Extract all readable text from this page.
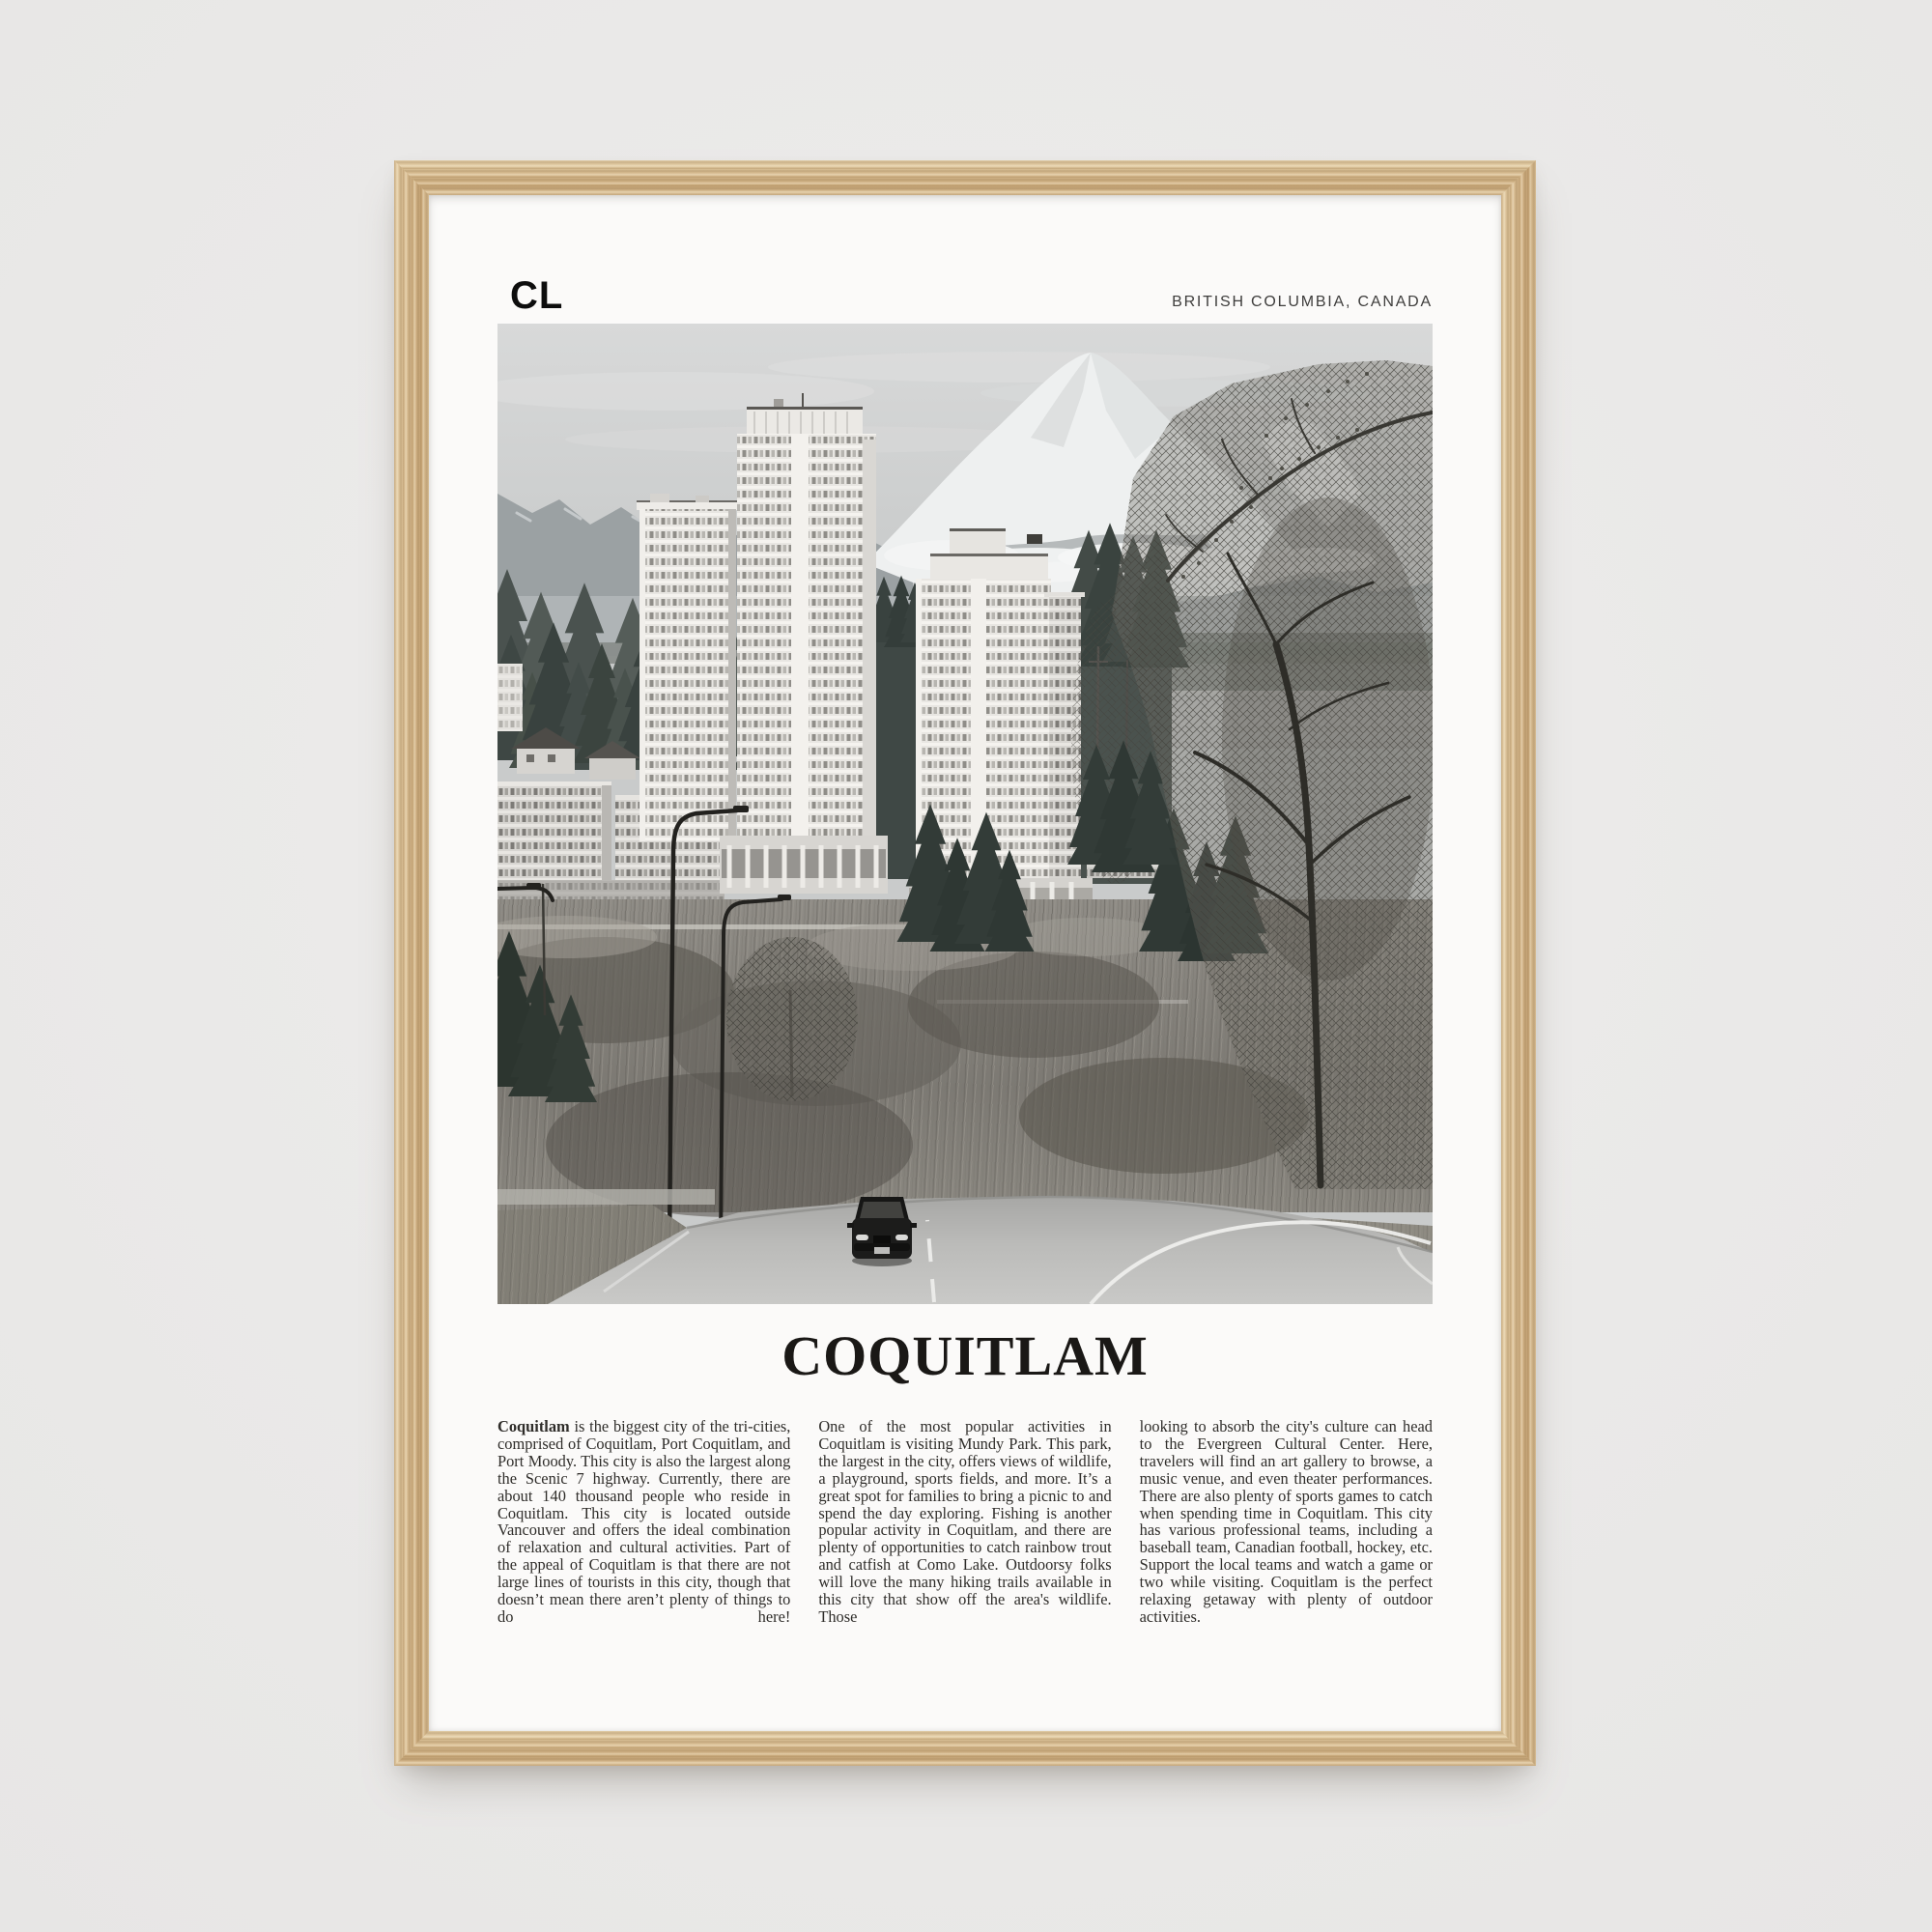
CL	BRITISH COLUMBIA, CANADA
COQUITLAM

Coquitlam is the biggest city of the tri-cities, comprised of Coquitlam, Port Coquitlam, and Port Moody. This city is also the largest along the Scenic 7 highway. Currently, there are about 140 thousand people who reside in Coquitlam. This city is located outside Vancouver and offers the ideal combination of relaxation and cultural activities. Part of the appeal of Coquitlam is that there are not large lines of tourists in this city, though that doesn’t mean there aren’t plenty of things to do here!

One of the most popular activities in Coquitlam is visiting Mundy Park. This park, the largest in the city, offers views of wildlife, a playground, sports fields, and more. It’s a great spot for families to bring a picnic to and spend the day exploring. Fishing is another popular activity in Coquitlam, and there are plenty of opportunities to catch rainbow trout and catfish at Como Lake. Outdoorsy folks will love the many hiking trails available in this city that show off the area's wildlife. Those

looking to absorb the city's culture can head to the Evergreen Cultural Center. Here, travelers will find an art gallery to browse, a music venue, and even theater performances. There are also plenty of sports games to catch when spending time in Coquitlam. This city has various professional teams, including a baseball team, Canadian football, hockey, etc. Support the local teams and watch a game or two while visiting. Coquitlam is the perfect relaxing getaway with plenty of outdoor activities.
